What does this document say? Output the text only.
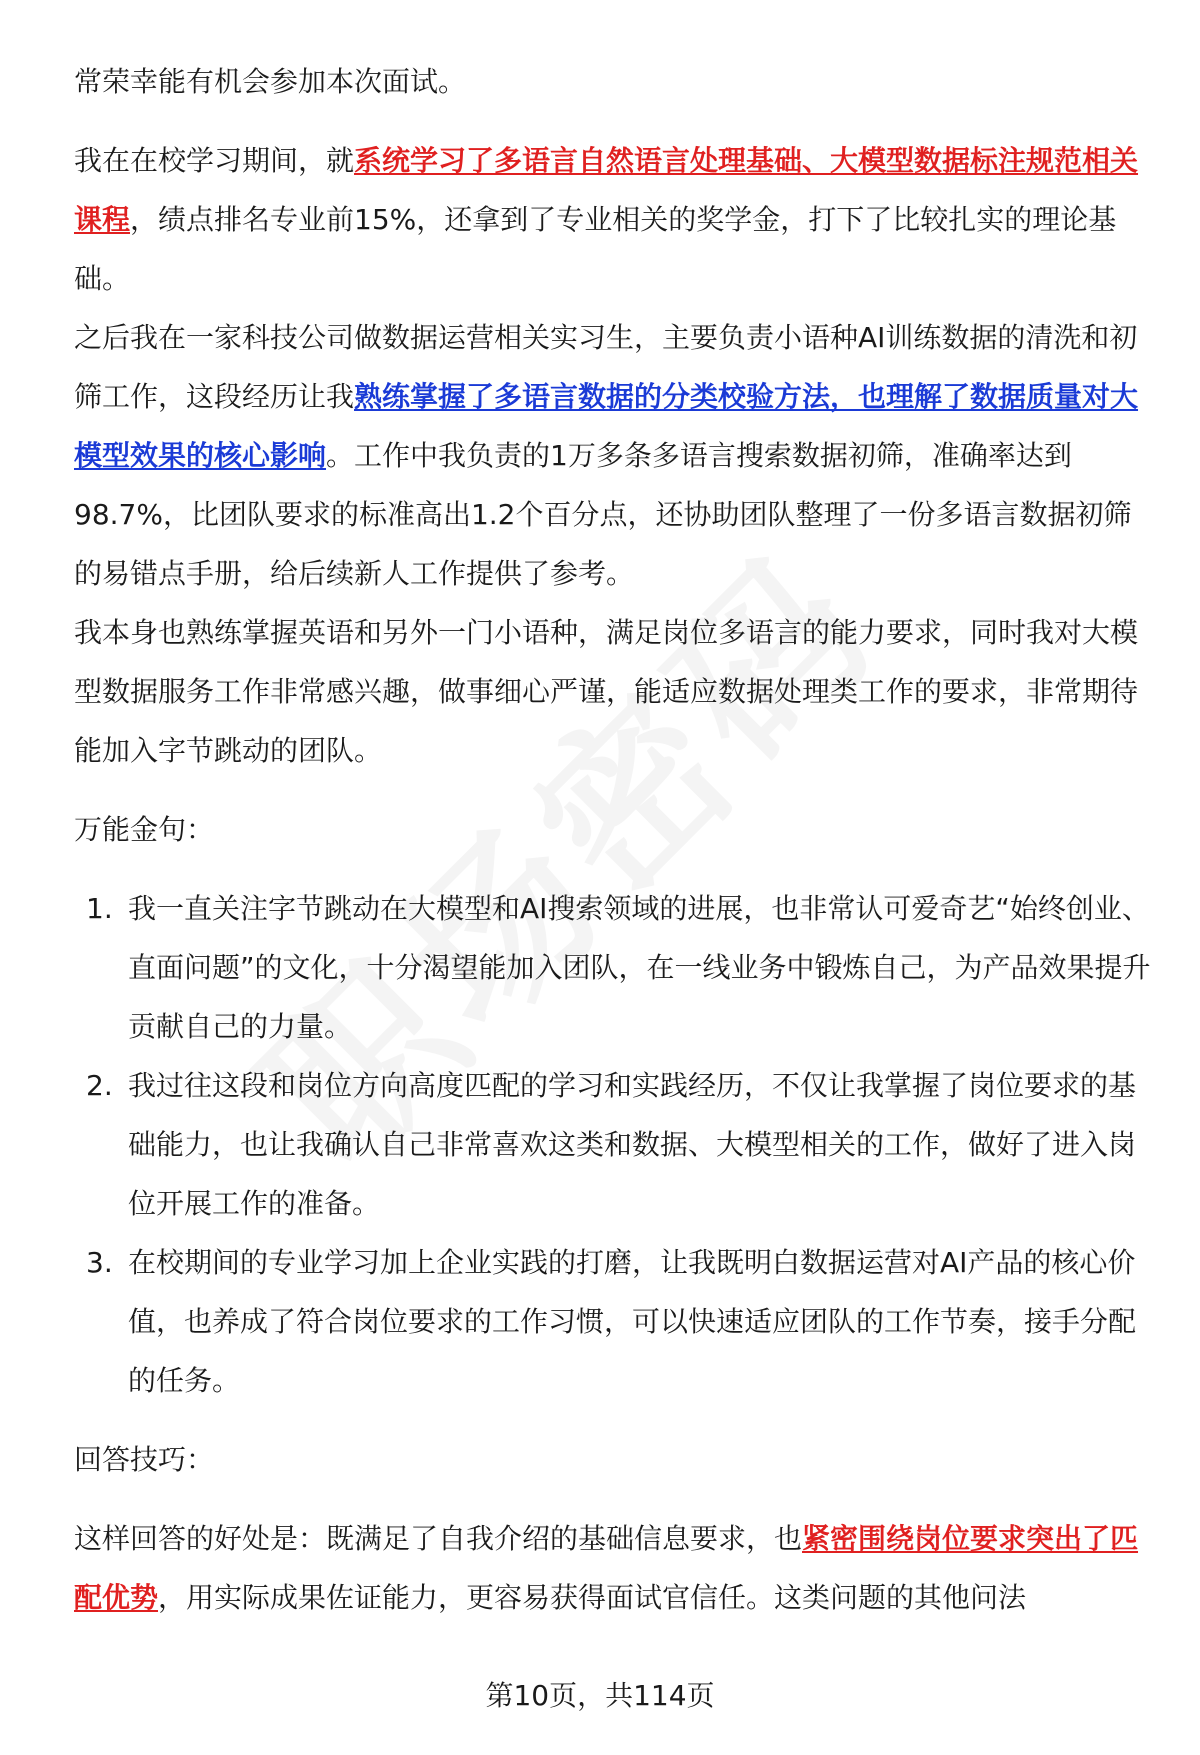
常荣幸能有机会参加本次面试。

我在在校学习期间，就系统学习了多语言自然语言处理基础、大模型数据标注规范相关课程，绩点排名专业前15%，还拿到了专业相关的奖学金，打下了比较扎实的理论基础。

之后我在一家科技公司做数据运营相关实习生，主要负责小语种AI训练数据的清洗和初筛工作，这段经历让我熟练掌握了多语言数据的分类校验方法，也理解了数据质量对大模型效果的核心影响。工作中我负责的1万多条多语言搜索数据初筛，准确率达到98.7%，比团队要求的标准高出1.2个百分点，还协助团队整理了一份多语言数据初筛的易错点手册，给后续新人工作提供了参考。

我本身也熟练掌握英语和另外一门小语种，满足岗位多语言的能力要求，同时我对大模型数据服务工作非常感兴趣，做事细心严谨，能适应数据处理类工作的要求，非常期待能加入字节跳动的团队。

万能金句：

1. 我一直关注字节跳动在大模型和AI搜索领域的进展，也非常认可爱奇艺“始终创业、直面问题”的文化，十分渴望能加入团队，在一线业务中锻炼自己，为产品效果提升贡献自己的力量。
2. 我过往这段和岗位方向高度匹配的学习和实践经历，不仅让我掌握了岗位要求的基础能力，也让我确认自己非常喜欢这类和数据、大模型相关的工作，做好了进入岗位开展工作的准备。
3. 在校期间的专业学习加上企业实践的打磨，让我既明白数据运营对AI产品的核心价值，也养成了符合岗位要求的工作习惯，可以快速适应团队的工作节奏，接手分配的任务。

回答技巧：

这样回答的好处是：既满足了自我介绍的基础信息要求，也紧密围绕岗位要求突出了匹配优势，用实际成果佐证能力，更容易获得面试官信任。这类问题的其他问法

第10页，共114页
